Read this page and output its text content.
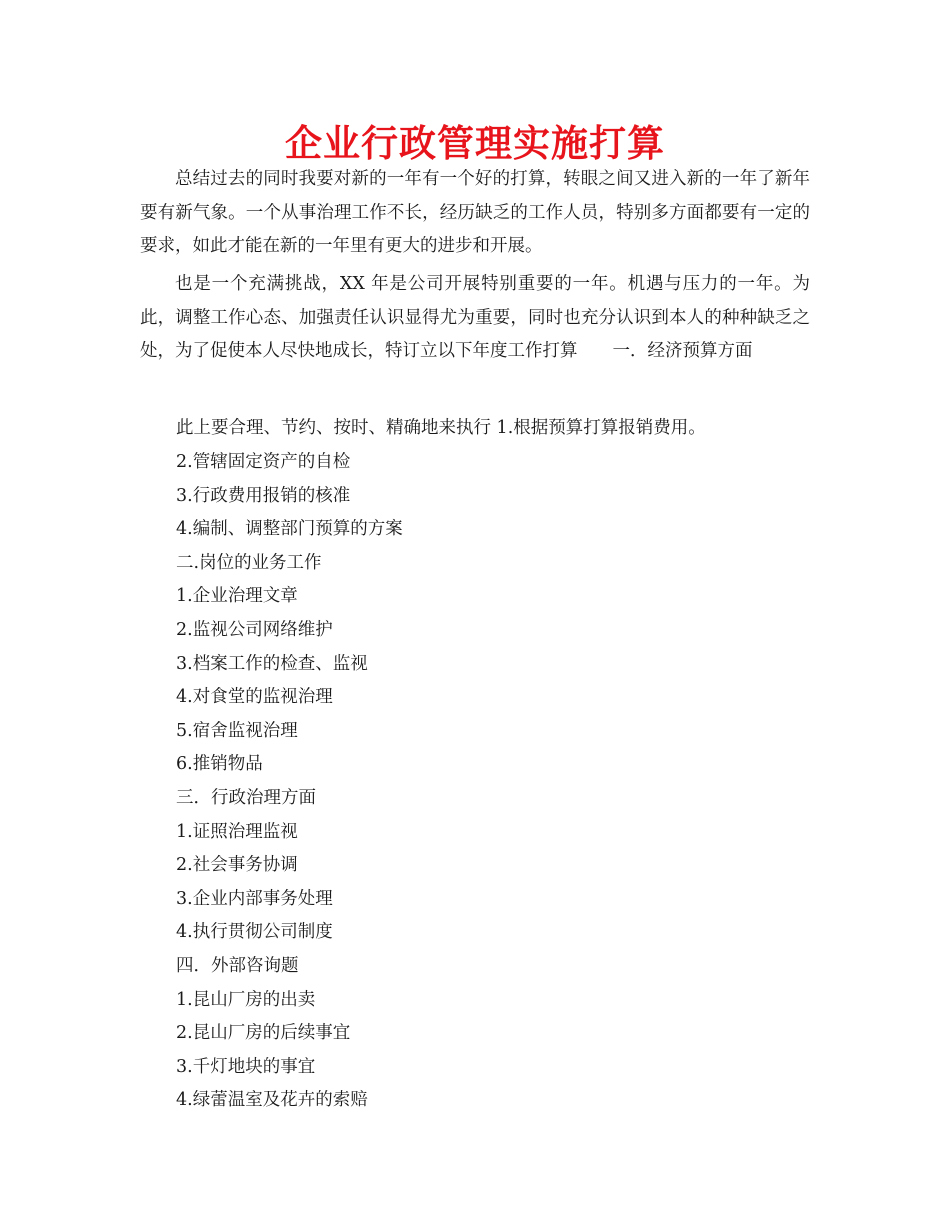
企业行政管理实施打算

总结过去的同时我要对新的一年有一个好的打算，转眼之间又进入新的一年了新年要有新气象。一个从事治理工作不长，经历缺乏的工作人员，特别多方面都要有一定的要求，如此才能在新的一年里有更大的进步和开展。

也是一个充满挑战，XX 年是公司开展特别重要的一年。机遇与压力的一年。为此，调整工作心态、加强责任认识显得尤为重要，同时也充分认识到本人的种种缺乏之处，为了促使本人尽快地成长，特订立以下年度工作打算　　一．经济预算方面

此上要合理、节约、按时、精确地来执行 1.根据预算打算报销费用。

2.管辖固定资产的自检
3.行政费用报销的核准
4.编制、调整部门预算的方案
二.岗位的业务工作
1.企业治理文章
2.监视公司网络维护
3.档案工作的检查、监视
4.对食堂的监视治理
5.宿舍监视治理
6.推销物品
三．行政治理方面
1.证照治理监视
2.社会事务协调
3.企业内部事务处理
4.执行贯彻公司制度
四．外部咨询题
1.昆山厂房的出卖
2.昆山厂房的后续事宜
3.千灯地块的事宜
4.绿蕾温室及花卉的索赔
